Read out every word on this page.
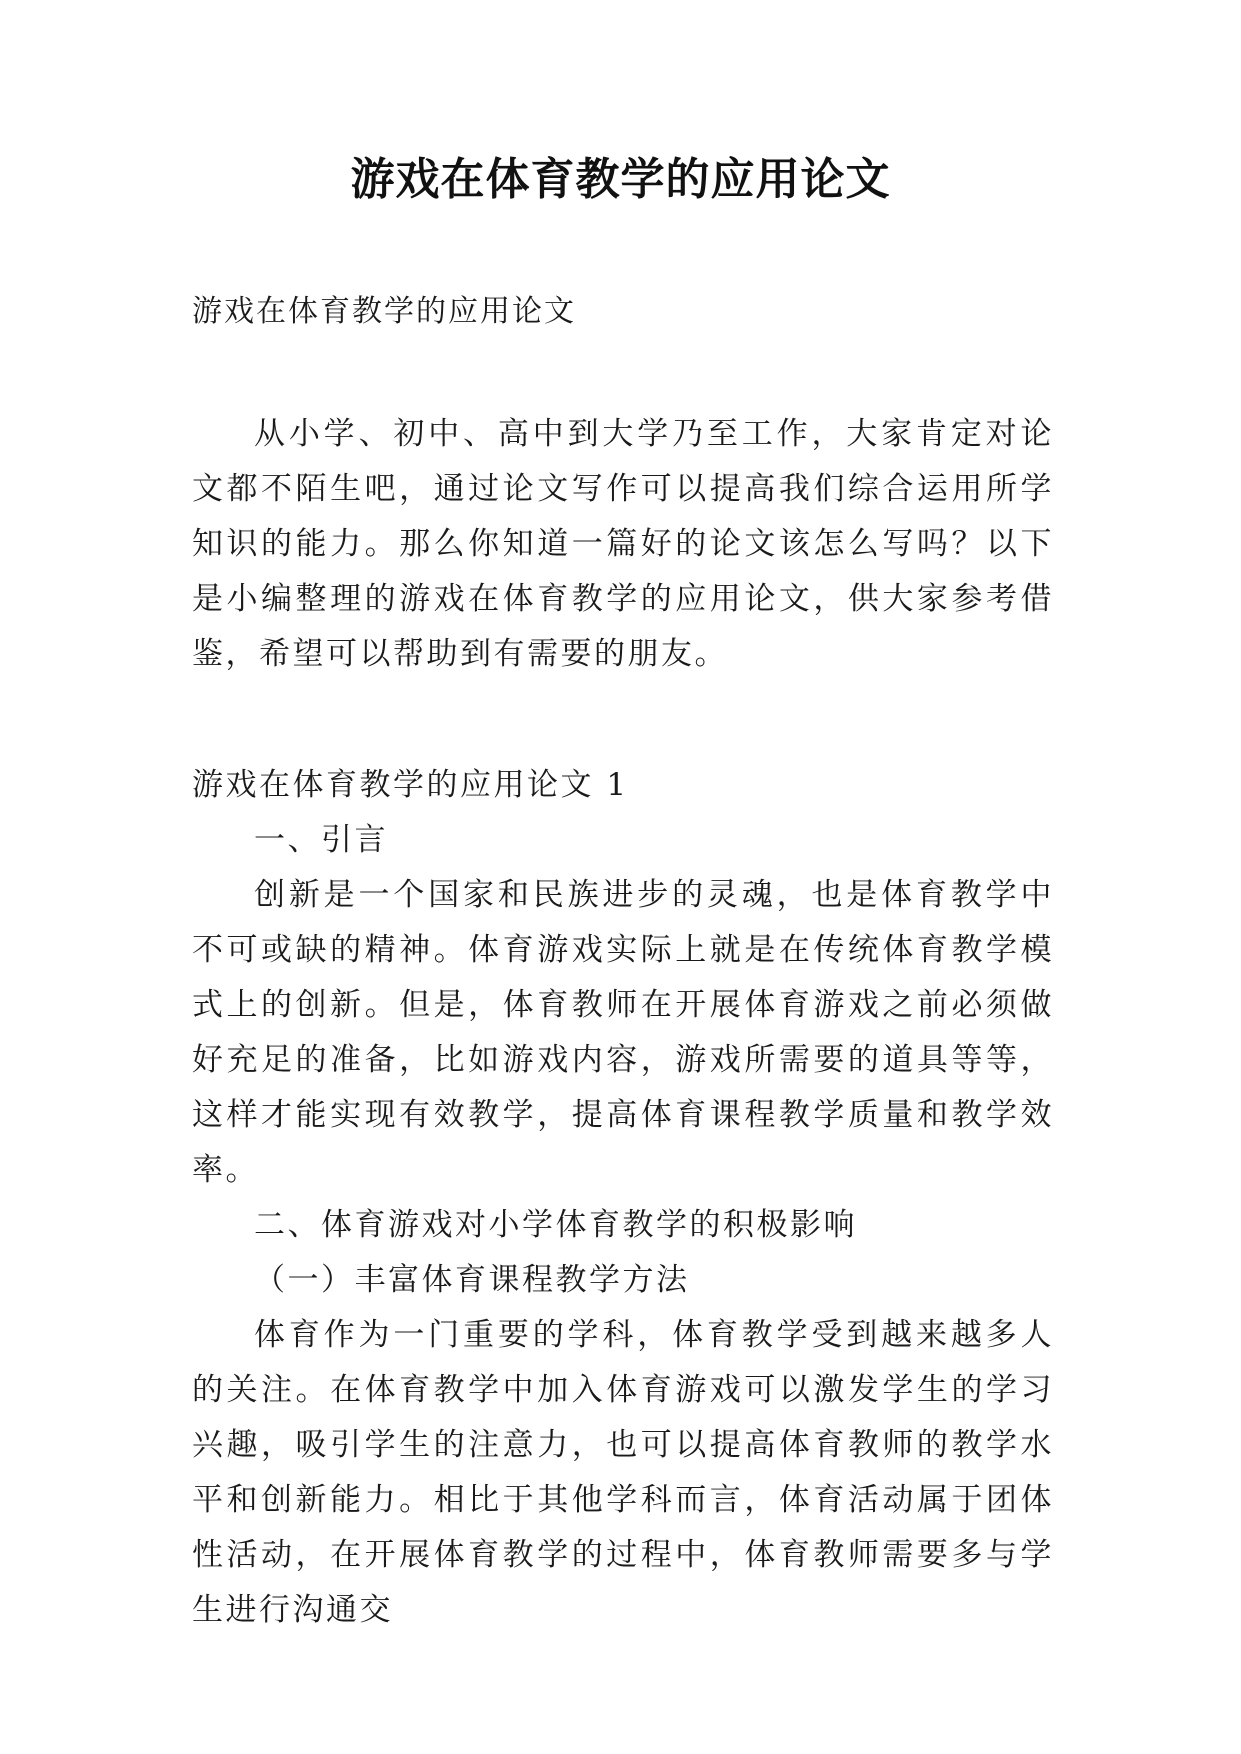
游戏在体育教学的应用论文
游戏在体育教学的应用论文

从小学、初中、高中到大学乃至工作，大家肯定对论文都不陌生吧，通过论文写作可以提高我们综合运用所学知识的能力。那么你知道一篇好的论文该怎么写吗？以下是小编整理的游戏在体育教学的应用论文，供大家参考借鉴，希望可以帮助到有需要的朋友。

游戏在体育教学的应用论文 1

一、引言

创新是一个国家和民族进步的灵魂，也是体育教学中不可或缺的精神。体育游戏实际上就是在传统体育教学模式上的创新。但是，体育教师在开展体育游戏之前必须做好充足的准备，比如游戏内容，游戏所需要的道具等等，这样才能实现有效教学，提高体育课程教学质量和教学效率。

二、体育游戏对小学体育教学的积极影响

（一）丰富体育课程教学方法

体育作为一门重要的学科，体育教学受到越来越多人的关注。在体育教学中加入体育游戏可以激发学生的学习兴趣，吸引学生的注意力，也可以提高体育教师的教学水平和创新能力。相比于其他学科而言，体育活动属于团体性活动，在开展体育教学的过程中，体育教师需要多与学生进行沟通交
